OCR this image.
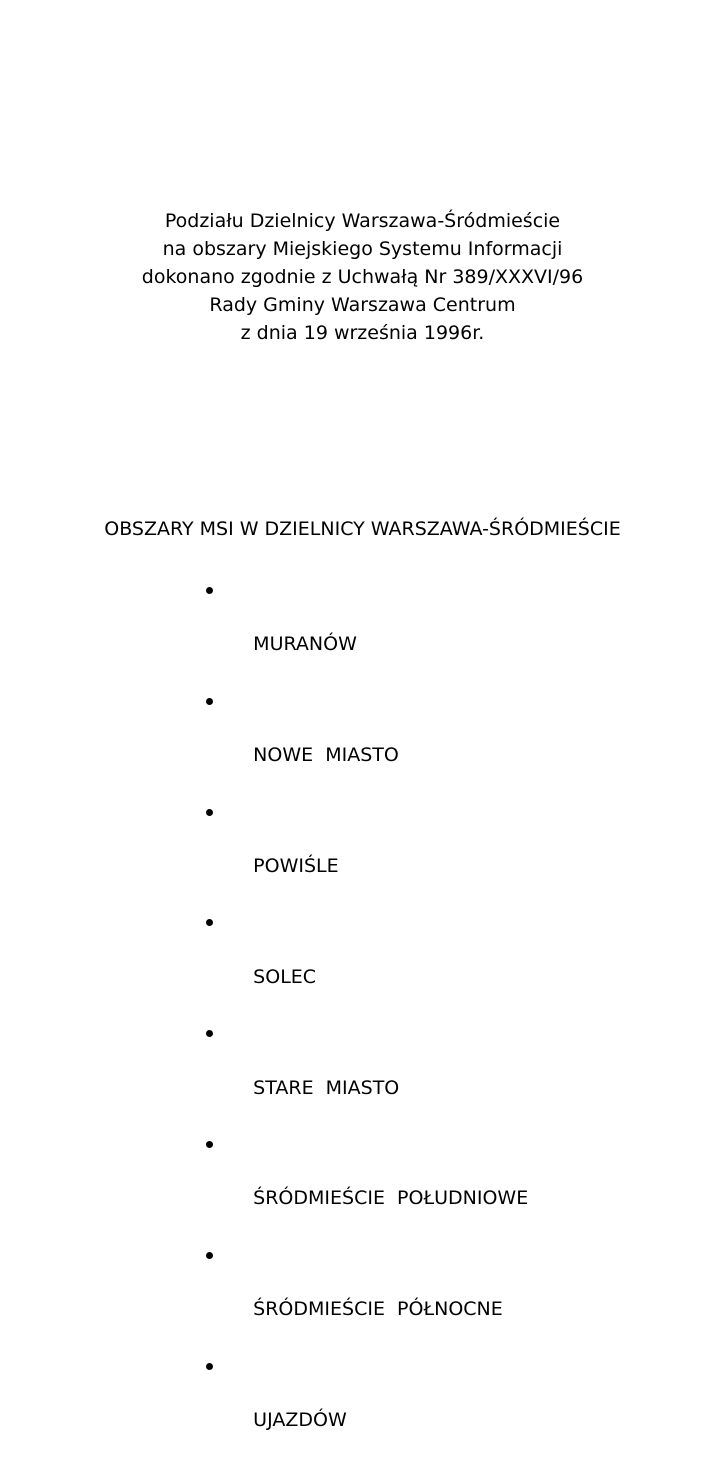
Podziału Dzielnicy Warszawa-Śródmieście
na obszary Miejskiego Systemu Informacji
dokonano zgodnie z Uchwałą Nr 389/XXXVI/96
Rady Gminy Warszawa Centrum
z dnia 19 września 1996r.
OBSZARY MSI W DZIELNICY WARSZAWA-ŚRÓDMIEŚCIE

MURANÓW

NOWE  MIASTO

POWIŚLE

SOLEC

STARE  MIASTO

ŚRÓDMIEŚCIE  POŁUDNIOWE

ŚRÓDMIEŚCIE  PÓŁNOCNE

UJAZDÓW
